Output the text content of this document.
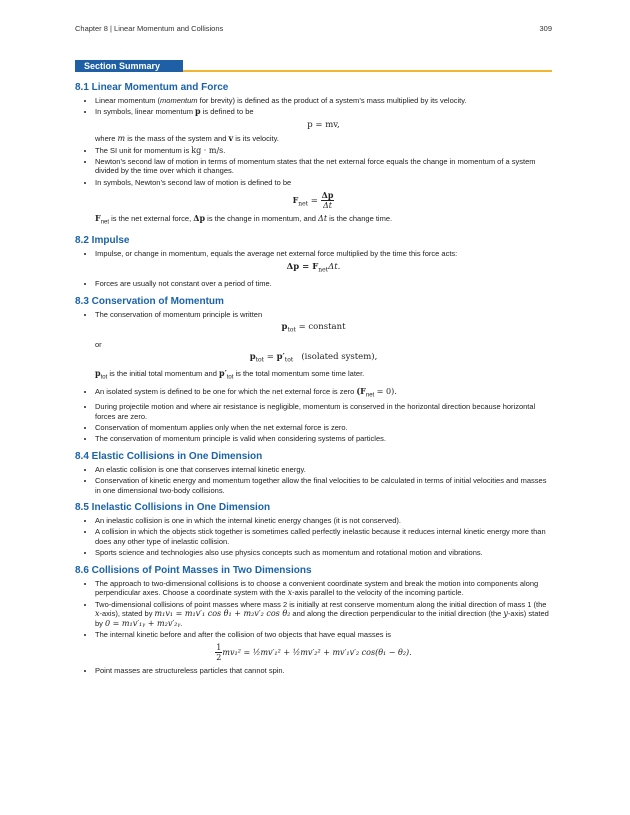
Chapter 8 | Linear Momentum and Collisions	309
Section Summary
8.1 Linear Momentum and Force
• Linear momentum (momentum for brevity) is defined as the product of a system’s mass multiplied by its velocity.
• In symbols, linear momentum p is defined to be
p = mv,
where m is the mass of the system and v is its velocity.
• The SI unit for momentum is kg · m/s.
• Newton’s second law of motion in terms of momentum states that the net external force equals the change in momentum of a system divided by the time over which it changes.
• In symbols, Newton’s second law of motion is defined to be
$F_{net} = \frac{\Delta p}{\Delta t}$
$F_{net}$ is the net external force, Δp is the change in momentum, and Δt is the change time.
8.2 Impulse
• Impulse, or change in momentum, equals the average net external force multiplied by the time this force acts:
$\Delta p = F_{net}\Delta t$.
• Forces are usually not constant over a period of time.
8.3 Conservation of Momentum
• The conservation of momentum principle is written
$p_{tot}$ = constant
or
$p_{tot} = p'_{tot}$ (isolated system),
$p_{tot}$ is the initial total momentum and $p'_{tot}$ is the total momentum some time later.
• An isolated system is defined to be one for which the net external force is zero $(F_{net} = 0)$.
• During projectile motion and where air resistance is negligible, momentum is conserved in the horizontal direction because horizontal forces are zero.
• Conservation of momentum applies only when the net external force is zero.
• The conservation of momentum principle is valid when considering systems of particles.
8.4 Elastic Collisions in One Dimension
• An elastic collision is one that conserves internal kinetic energy.
• Conservation of kinetic energy and momentum together allow the final velocities to be calculated in terms of initial velocities and masses in one dimensional two-body collisions.
8.5 Inelastic Collisions in One Dimension
• An inelastic collision is one in which the internal kinetic energy changes (it is not conserved).
• A collision in which the objects stick together is sometimes called perfectly inelastic because it reduces internal kinetic energy more than does any other type of inelastic collision.
• Sports science and technologies also use physics concepts such as momentum and rotational motion and vibrations.
8.6 Collisions of Point Masses in Two Dimensions
• The approach to two-dimensional collisions is to choose a convenient coordinate system and break the motion into components along perpendicular axes. Choose a coordinate system with the x-axis parallel to the velocity of the incoming particle.
• Two-dimensional collisions of point masses where mass 2 is initially at rest conserve momentum along the initial direction of mass 1 (the x-axis), stated by m₁v₁ = m₁v′₁ cos θ₁ + m₂v′₂ cos θ₂ and along the direction perpendicular to the initial direction (the y-axis) stated by 0 = m₁v′₁ᵧ + m₂v′₂ᵧ.
• The internal kinetic before and after the collision of two objects that have equal masses is
$\frac{1}{2} mv_1^2$ = ½mv′₁² + ½mv′₂² + mv′₁v′₂ cos(θ₁ − θ₂).
• Point masses are structureless particles that cannot spin.
